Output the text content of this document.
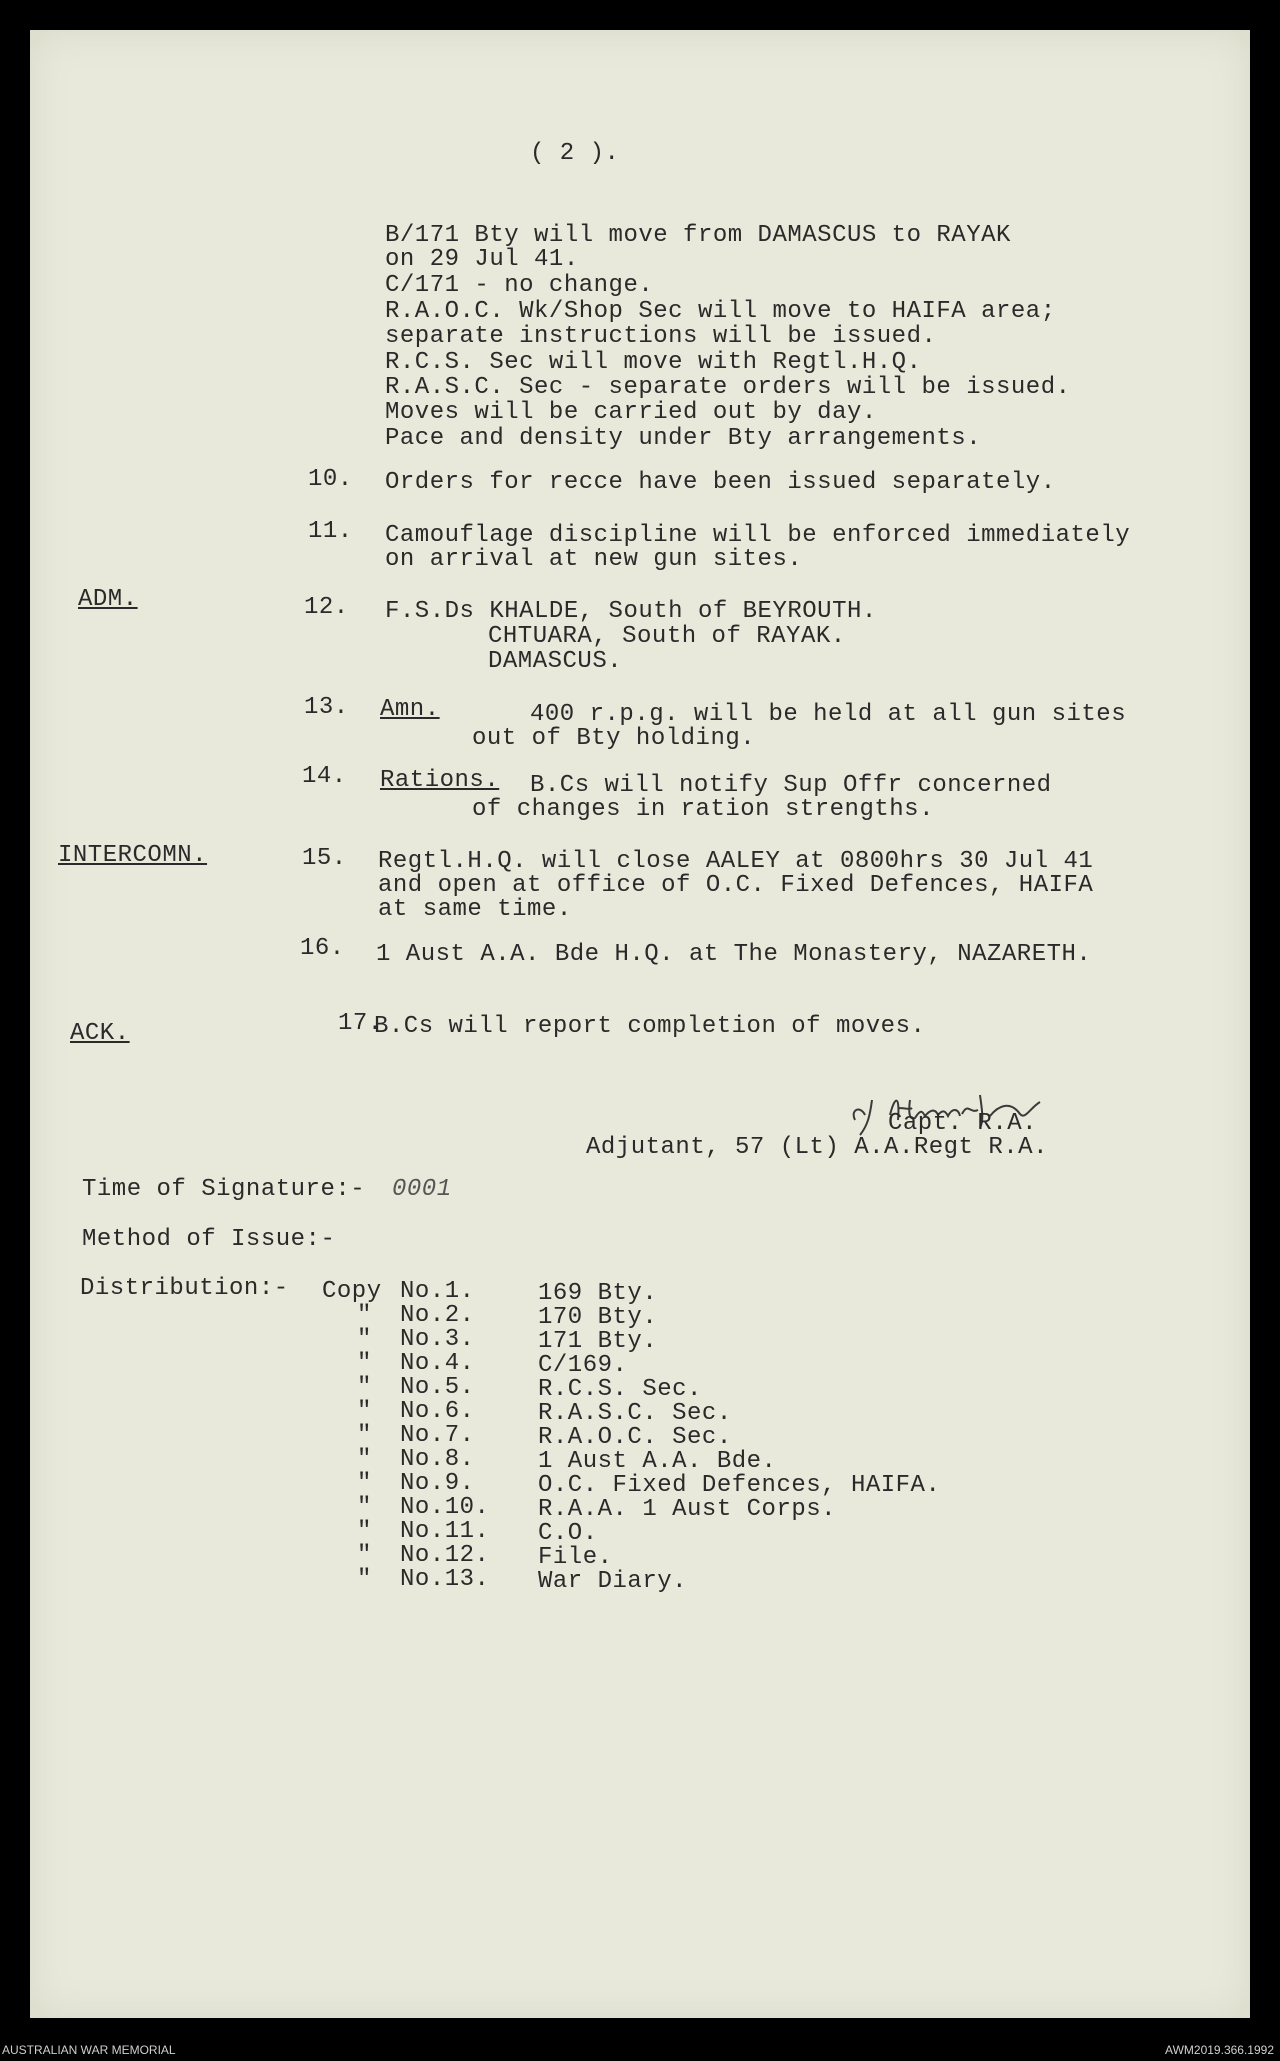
( 2 ).
B/171 Bty will move from DAMASCUS to RAYAK
on 29 Jul 41.
C/171 - no change.
R.A.O.C. Wk/Shop Sec will move to HAIFA area;
separate instructions will be issued.
R.C.S. Sec will move with Regtl.H.Q.
R.A.S.C. Sec - separate orders will be issued.
Moves will be carried out by day.
Pace and density under Bty arrangements.
10. Orders for recce have been issued separately.
11. Camouflage discipline will be enforced immediately
on arrival at new gun sites.
ADM.	12. F.S.Ds KHALDE, South of BEYROUTH.
CHTUARA, South of RAYAK.
DAMASCUS.
13. Amn.	400 r.p.g. will be held at all gun sites
out of Bty holding.
14. Rations. B.Cs will notify Sup Offr concerned
of changes in ration strengths.
INTERCOMN.	15. Regtl.H.Q. will close AALEY at 0800hrs 30 Jul 41
and open at office of O.C. Fixed Defences, HAIFA
at same time.
16. 1 Aust A.A. Bde H.Q. at The Monastery, NAZARETH.
ACK.	17.
B.Cs will report completion of moves.
Capt. R.A.
Adjutant, 57 (Lt) A.A.Regt R.A.
Time of Signature:- 0001
Method of Issue:-
Distribution:- Copy No.1.	169 Bty.
" No.2.	170 Bty.
" No.3.	171 Bty.
" No.4.	C/169.
" No.5.	R.C.S. Sec.
" No.6.	R.A.S.C. Sec.
" No.7.	R.A.O.C. Sec.
" No.8.	1 Aust A.A. Bde.
" No.9.	O.C. Fixed Defences, HAIFA.
" No.10. R.A.A. 1 Aust Corps.
" No.11. C.O.
" No.12. File.
" No.13. War Diary.
AUSTRALIAN WAR MEMORIAL	AWM2019.366.1992
